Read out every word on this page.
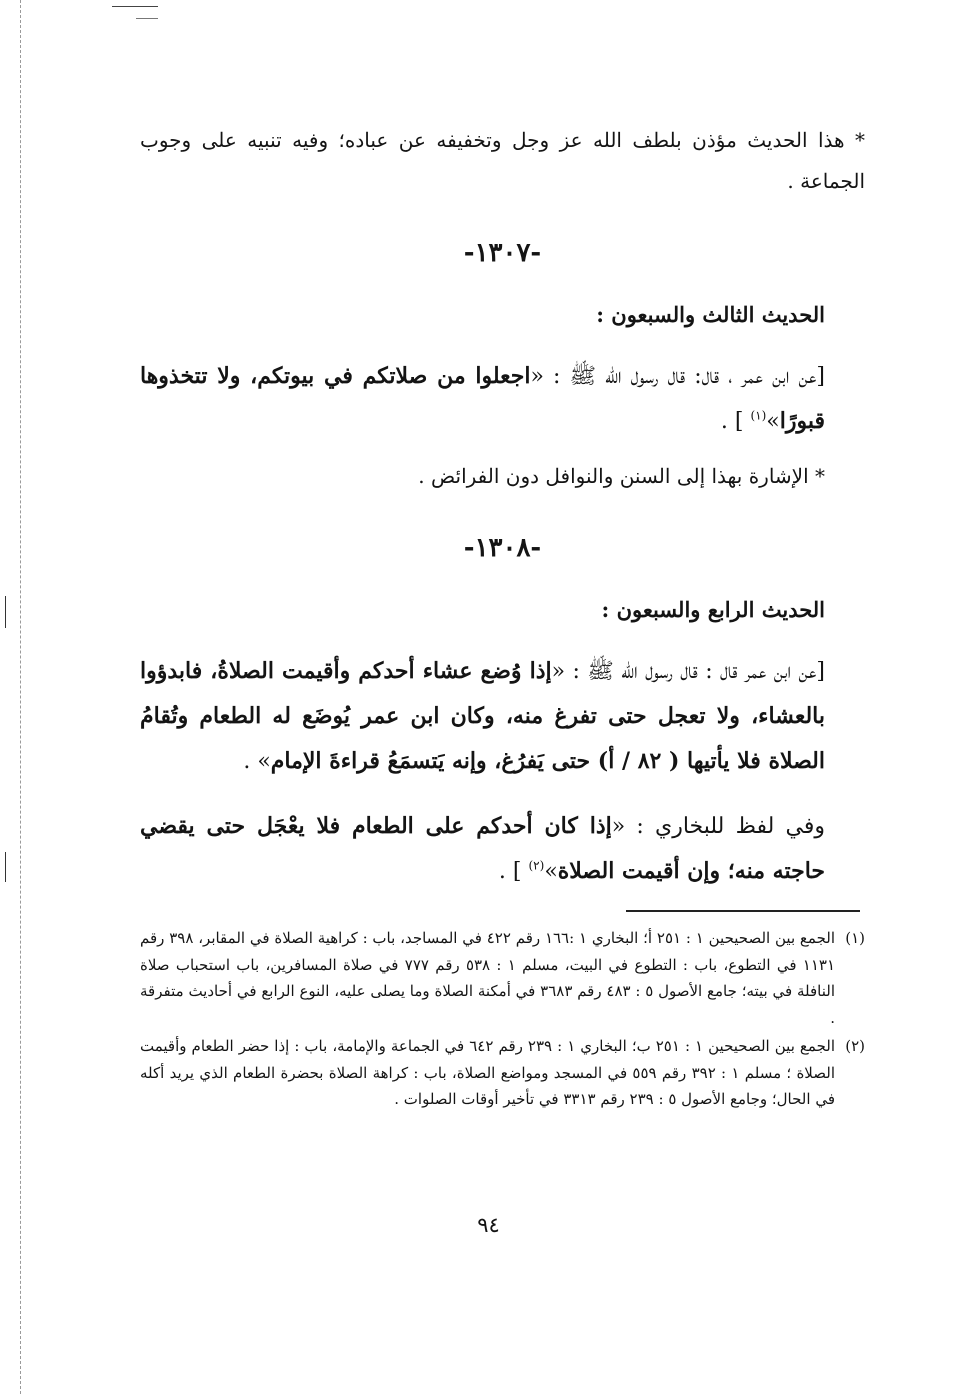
* هذا الحديث مؤذن بلطف الله عز وجل وتخفيفه عن عباده؛ وفيه تنبيه على وجوب الجماعة .

-١٣٠٧-
الحديث الثالث والسبعون :

[عن ابن عمر ، قال: قال رسول الله ﷺ : «اجعلوا من صلاتكم في بيوتكم، ولا تتخذوها قبورًا»$^{(١)}$ ] .

* الإشارة بهذا إلى السنن والنوافل دون الفرائض .

-١٣٠٨-
الحديث الرابع والسبعون :

[عن ابن عمر قال : قال رسول الله ﷺ : «إذا وُضع عشاء أحدكم وأقيمت الصلاةُ، فابدؤوا بالعشاء، ولا تعجل حتى تفرغ منه، وكان ابن عمر يُوضَع له الطعام وتُقامُ الصلاة فلا يأتيها ( ٨٢ / أ) حتى يَفرُغ، وإنه يَتسمَعُ قراءةَ الإمام» .

وفي لفظ للبخاري : «إذا كان أحدكم على الطعام فلا يعْجَل حتى يقضي حاجته منه؛ وإن أقيمت الصلاة»$^{(٢)}$ ] .

(١)
الجمع بين الصحيحين ١ : ٢٥١ أ؛ البخاري ١ :١٦٦ رقم ٤٢٢ في المساجد، باب : كراهية الصلاة في المقابر، ٣٩٨ رقم ١١٣١ في التطوع، باب : التطوع في البيت، مسلم ١ : ٥٣٨ رقم ٧٧٧ في صلاة المسافرين، باب استحباب صلاة النافلة في بيته؛ جامع الأصول ٥ : ٤٨٣ رقم ٣٦٨٣ في أمكنة الصلاة وما يصلى عليه، النوع الرابع في أحاديث متفرقة .

(٢)
الجمع بين الصحيحين ١ : ٢٥١ ب؛ البخاري ١ : ٢٣٩ رقم ٦٤٢ في الجماعة والإمامة، باب : إذا حضر الطعام وأقيمت الصلاة ؛ مسلم ١ : ٣٩٢ رقم ٥٥٩ في المسجد ومواضع الصلاة، باب : كراهة الصلاة بحضرة الطعام الذي يريد أكله في الحال؛ وجامع الأصول ٥ : ٢٣٩ رقم ٣٣١٣ في تأخير أوقات الصلوات .

٩٤
